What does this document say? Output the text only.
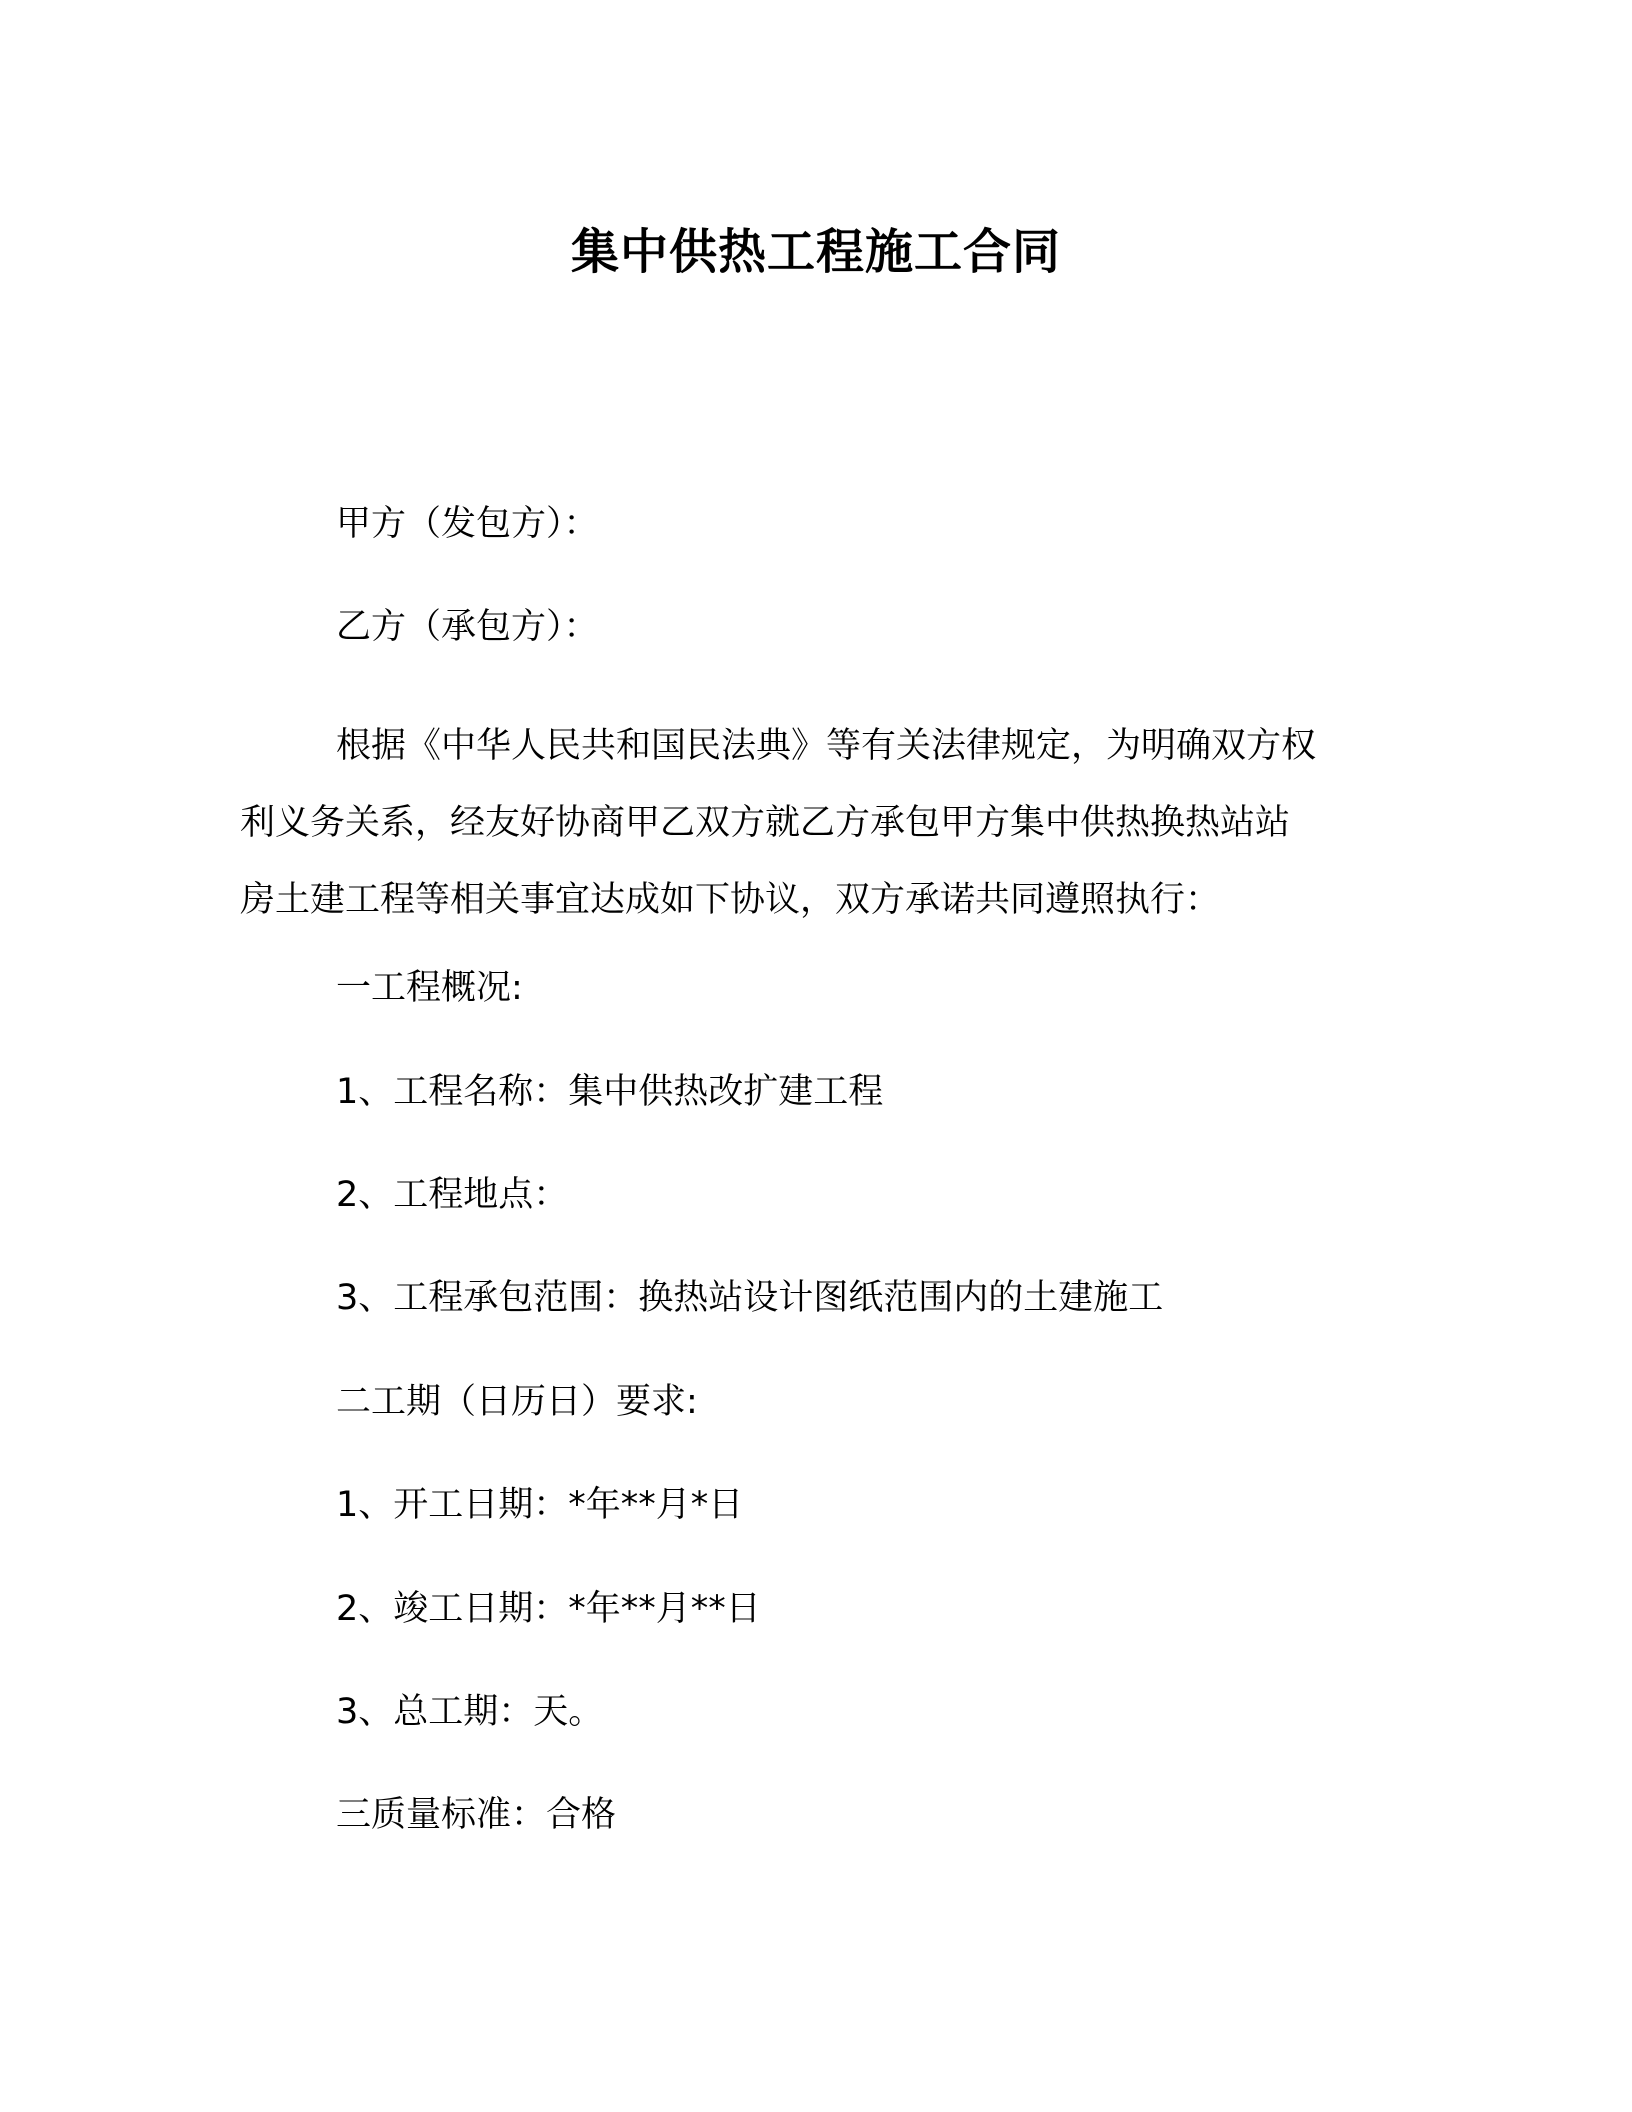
集中供热工程施工合同
甲方（发包方）：
乙方（承包方）：
根据《中华人民共和国民法典》等有关法律规定，为明确双方权
利义务关系，经友好协商甲乙双方就乙方承包甲方集中供热换热站站
房土建工程等相关事宜达成如下协议，双方承诺共同遵照执行：
一工程概况:
1、工程名称：集中供热改扩建工程
2、工程地点：
3、工程承包范围：换热站设计图纸范围内的土建施工
二工期（日历日）要求:
1、开工日期：*年**月*日
2、竣工日期：*年**月**日
3、总工期：天。
三质量标准：合格
